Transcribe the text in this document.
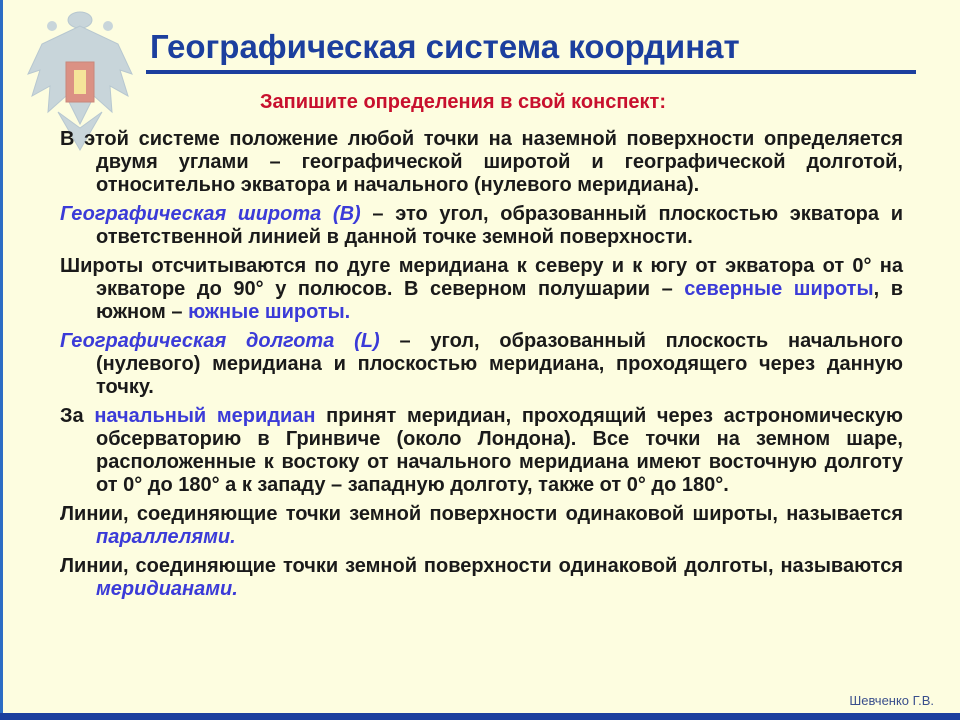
Географическая система координат
Запишите определения в свой конспект:

В этой системе положение любой точки на наземной поверхности определяется двумя углами – географической широтой и географической долготой, относительно экватора и начального (нулевого меридиана).

Географическая широта (B) – это угол, образованный плоскостью экватора и ответственной линией в данной точке земной поверхности.

Широты отсчитываются по дуге меридиана к северу и к югу от экватора от 0° на экваторе до 90° у полюсов. В северном полушарии – северные широты, в южном – южные широты.

Географическая долгота (L) – угол, образованный плоскость начального (нулевого) меридиана и плоскостью меридиана, проходящего через данную точку.

За начальный меридиан принят меридиан, проходящий через астрономическую обсерваторию в Гринвиче (около Лондона). Все точки на земном шаре, расположенные к востоку от начального меридиана имеют восточную долготу от 0° до 180° а к западу – западную долготу, также от 0° до 180°.

Линии, соединяющие точки земной поверхности одинаковой широты, называется параллелями.

Линии, соединяющие точки земной поверхности одинаковой долготы, называются меридианами.

Шевченко Г.В.
